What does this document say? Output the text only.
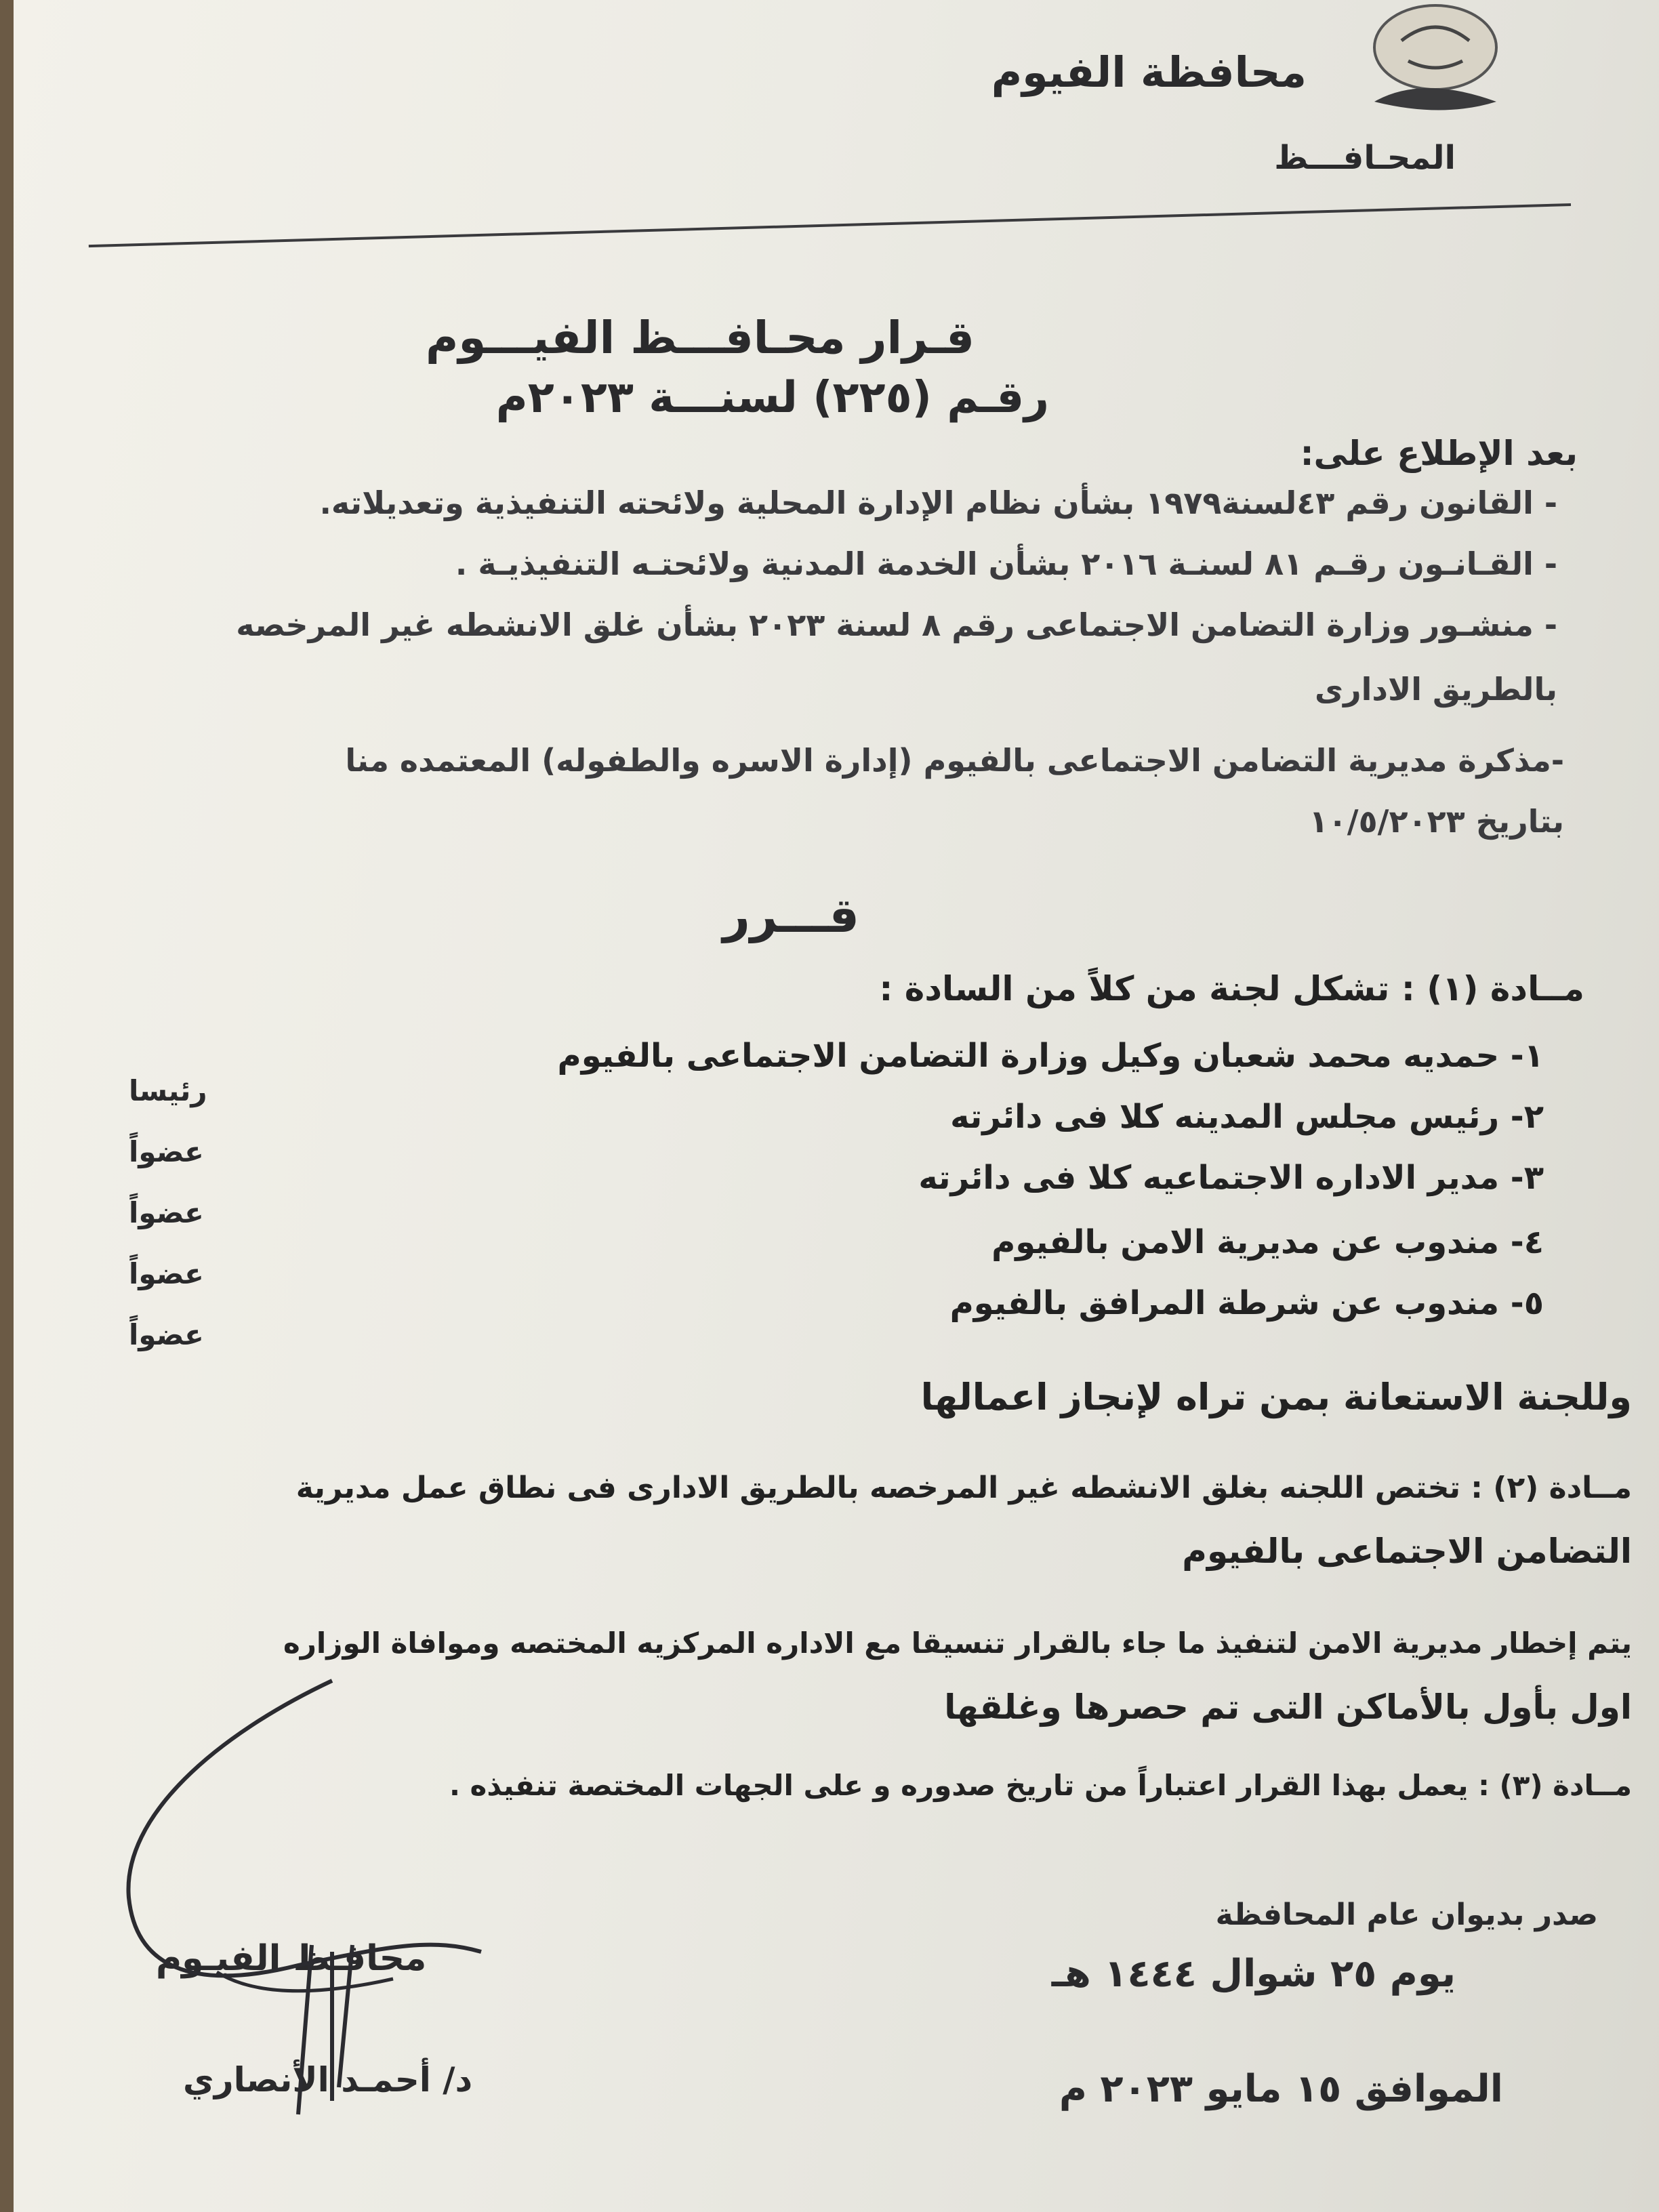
محافظة الفيوم
المحـافـــظ
قـرار محـافـــظ الفيـــوم
رقـم (٢٢٥) لسنـــة ٢٠٢٣م
بعد الإطلاع على:
- القانون رقم ٤٣لسنة١٩٧٩ بشأن نظام الإدارة المحلية ولائحته التنفيذية وتعديلاته.
- القـانـون رقـم ٨١ لسنـة ٢٠١٦ بشأن الخدمة المدنية ولائحتـه التنفيذيـة .
- منشـور وزارة التضامن الاجتماعى رقم ٨ لسنة ٢٠٢٣ بشأن غلق الانشطه غير المرخصه
بالطريق الادارى
-مذكرة مديرية التضامن الاجتماعى بالفيوم (إدارة الاسره والطفوله) المعتمده منا
بتاريخ ١٠/٥/٢٠٢٣
قـــرر
مــادة (١) : تشكل لجنة من كلاً من السادة :
١- حمديه محمد شعبان وكيل وزارة التضامن الاجتماعى بالفيوم
رئيسا
٢- رئيس مجلس المدينه كلا فى دائرته
عضواً
٣- مدير الاداره الاجتماعيه كلا فى دائرته
عضواً
٤- مندوب عن مديرية الامن بالفيوم
عضواً
٥- مندوب عن شرطة المرافق بالفيوم
عضواً
وللجنة الاستعانة بمن تراه لإنجاز اعمالها
مــادة (٢) : تختص اللجنه بغلق الانشطه غير المرخصه بالطريق الادارى فى نطاق عمل مديرية
التضامن الاجتماعى بالفيوم
يتم إخطار مديرية الامن لتنفيذ ما جاء بالقرار تنسيقا مع الاداره المركزيه المختصه وموافاة الوزاره
اول بأول بالأماكن التى تم حصرها وغلقها
مــادة (٣) : يعمل بهذا القرار اعتباراً من تاريخ صدوره و على الجهات المختصة تنفيذه .
صدر بديوان عام المحافظة
يوم ٢٥ شوال ١٤٤٤ هـ
الموافق ١٥ مايو ٢٠٢٣ م
محافـظ الفيـوم
د/ أحمـد الأنصاري
